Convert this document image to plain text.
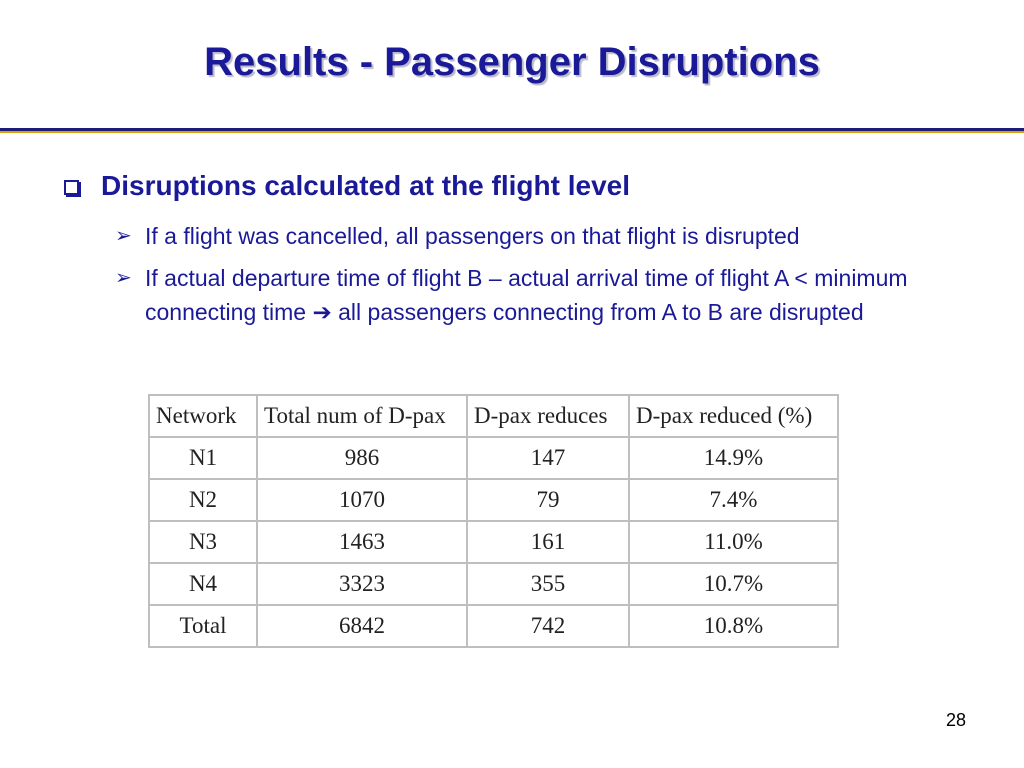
Results - Passenger Disruptions
Disruptions calculated at the flight level
➢ If a flight was cancelled, all passengers on that flight is disrupted
➢ If actual departure time of flight B – actual arrival time of flight A < minimum connecting time ➔ all passengers connecting from A to B are disrupted
Network	Total num of D-pax	D-pax reduces	D-pax reduced (%)
N1	986	147	14.9%
N2	1070	79	7.4%
N3	1463	161	11.0%
N4	3323	355	10.7%
Total	6842	742	10.8%
28
